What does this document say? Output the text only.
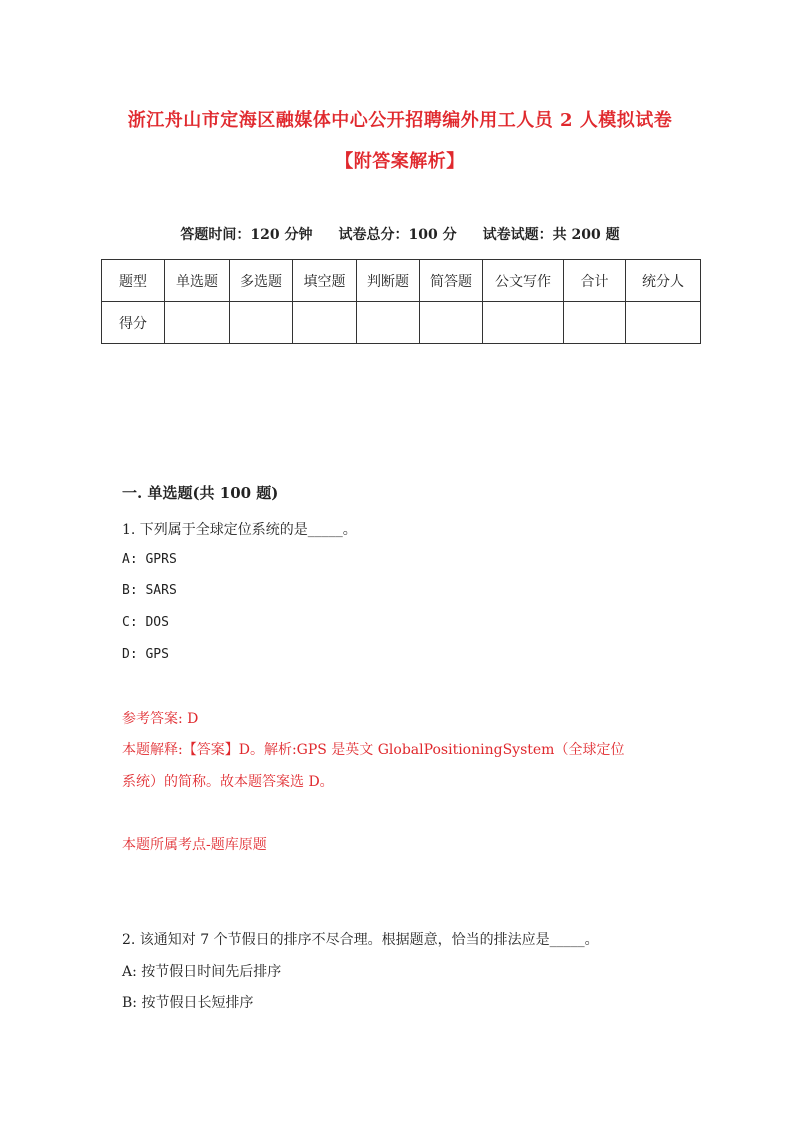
浙江舟山市定海区融媒体中心公开招聘编外用工人员 2 人模拟试卷
【附答案解析】
答题时间：120 分钟 试卷总分：100 分 试卷试题：共 200 题
题型	单选题	多选题	填空题	判断题	简答题	公文写作	合计	统分人
得分								
一. 单选题(共 100 题)
1. 下列属于全球定位系统的是_____。
A: GPRS
B: SARS
C: DOS
D: GPS
参考答案: D
本题解释:【答案】D。解析:GPS 是英文 GlobalPositioningSystem（全球定位
系统）的简称。故本题答案选 D。
本题所属考点-题库原题
2. 该通知对 7 个节假日的排序不尽合理。根据题意，恰当的排法应是_____。
A: 按节假日时间先后排序
B: 按节假日长短排序
